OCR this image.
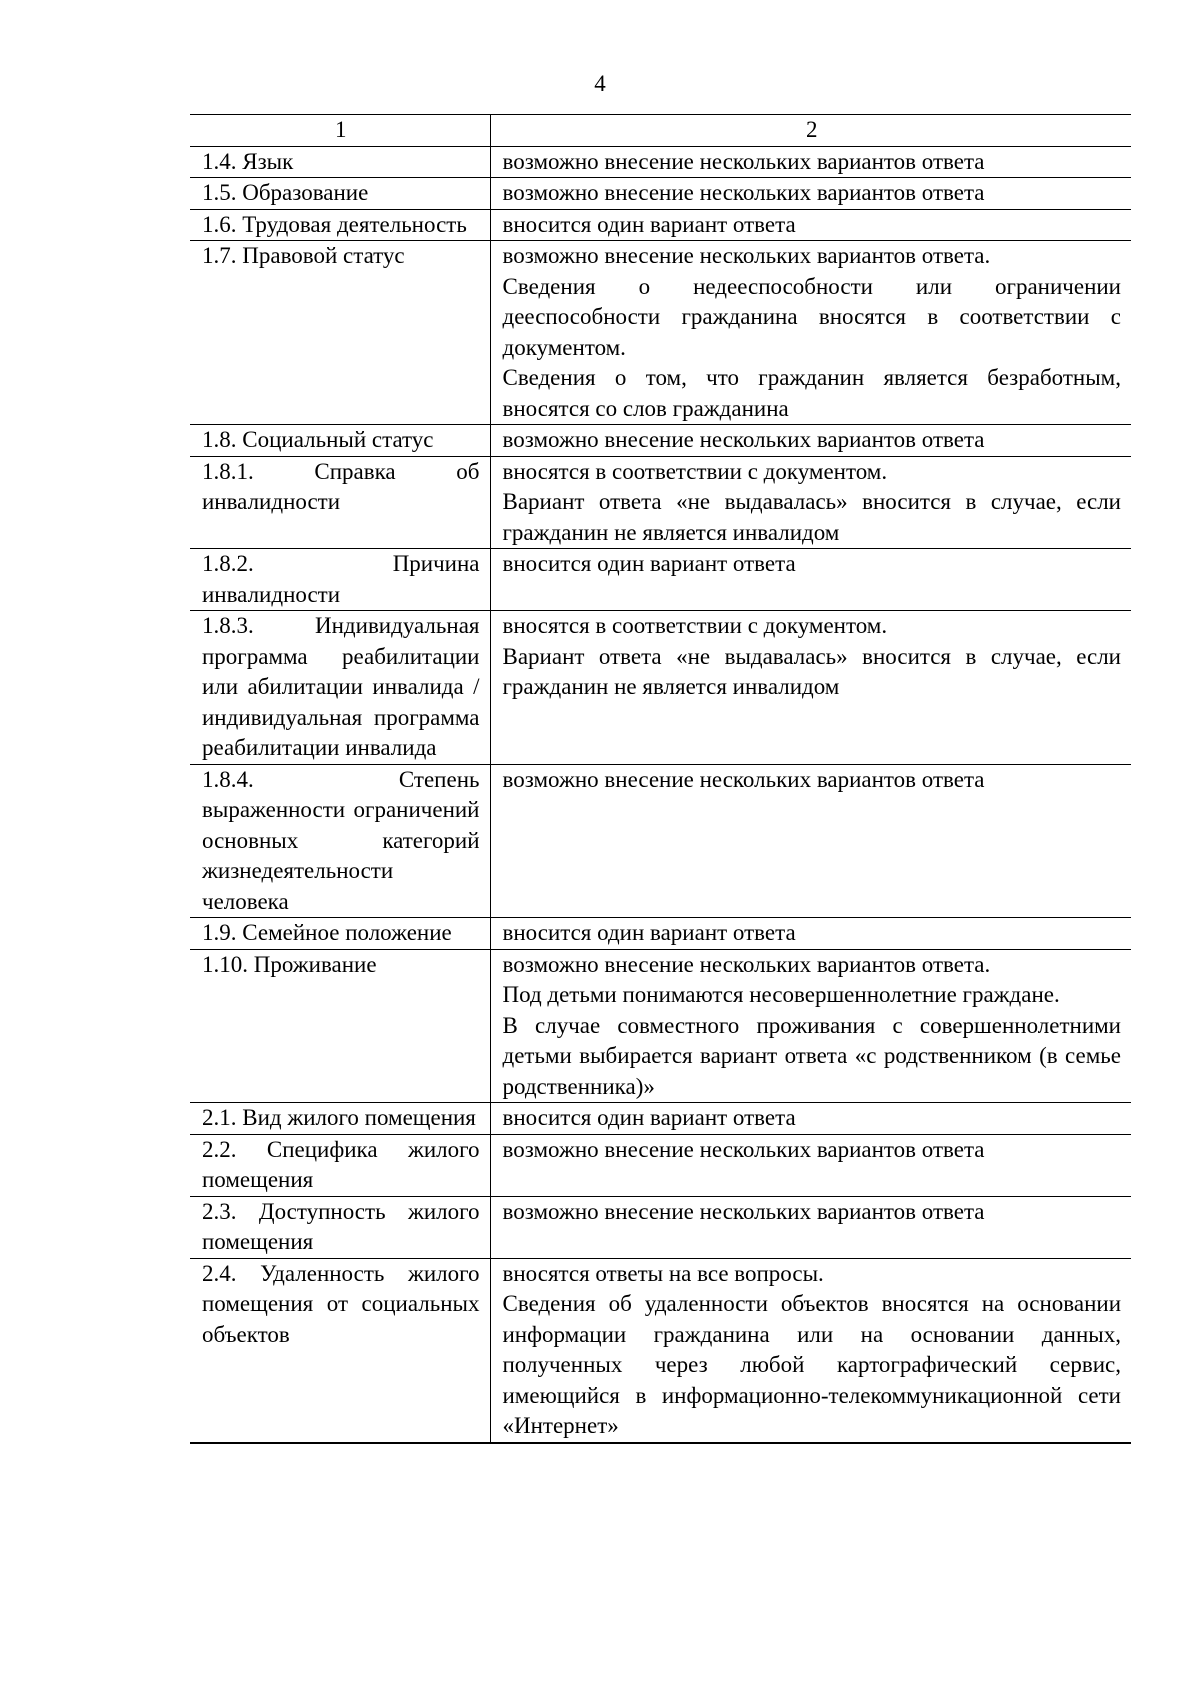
4
1	2
1.4. Язык	возможно внесение нескольких вариантов ответа

1.5. Образование	возможно внесение нескольких вариантов ответа

1.6. Трудовая деятельность	вносится один вариант ответа

1.7. Правовой статус	возможно внесение нескольких вариантов ответа.
Сведения о недееспособности или ограничении дееспособности гражданина вносятся в соответствии с документом.
Сведения о том, что гражданин является безработным, вносятся со слов гражданина

1.8. Социальный статус	возможно внесение нескольких вариантов ответа

1.8.1. Справка об инвалидности	вносятся в соответствии с документом.
Вариант ответа «не выдавалась» вносится в случае, если гражданин не является инвалидом

1.8.2. Причина инвалидности	вносится один вариант ответа

1.8.3. Индивидуальная программа реабилитации или абилитации инвалида / индивидуальная программа реабилитации инвалида	вносятся в соответствии с документом.
Вариант ответа «не выдавалась» вносится в случае, если гражданин не является инвалидом

1.8.4. Степень выраженности ограничений основных категорий жизнедеятельности человека	возможно внесение нескольких вариантов ответа

1.9. Семейное положение	вносится один вариант ответа

1.10. Проживание	возможно внесение нескольких вариантов ответа.
Под детьми понимаются несовершеннолетние граждане.
В случае совместного проживания с совершеннолетними детьми выбирается вариант ответа «с родственником (в семье родственника)»

2.1. Вид жилого помещения	вносится один вариант ответа

2.2. Специфика жилого помещения	возможно внесение нескольких вариантов ответа

2.3. Доступность жилого помещения	возможно внесение нескольких вариантов ответа

2.4. Удаленность жилого помещения от социальных объектов	вносятся ответы на все вопросы.
Сведения об удаленности объектов вносятся на основании информации гражданина или на основании данных, полученных через любой картографический сервис, имеющийся в информационно-телекоммуникационной сети «Интернет»
